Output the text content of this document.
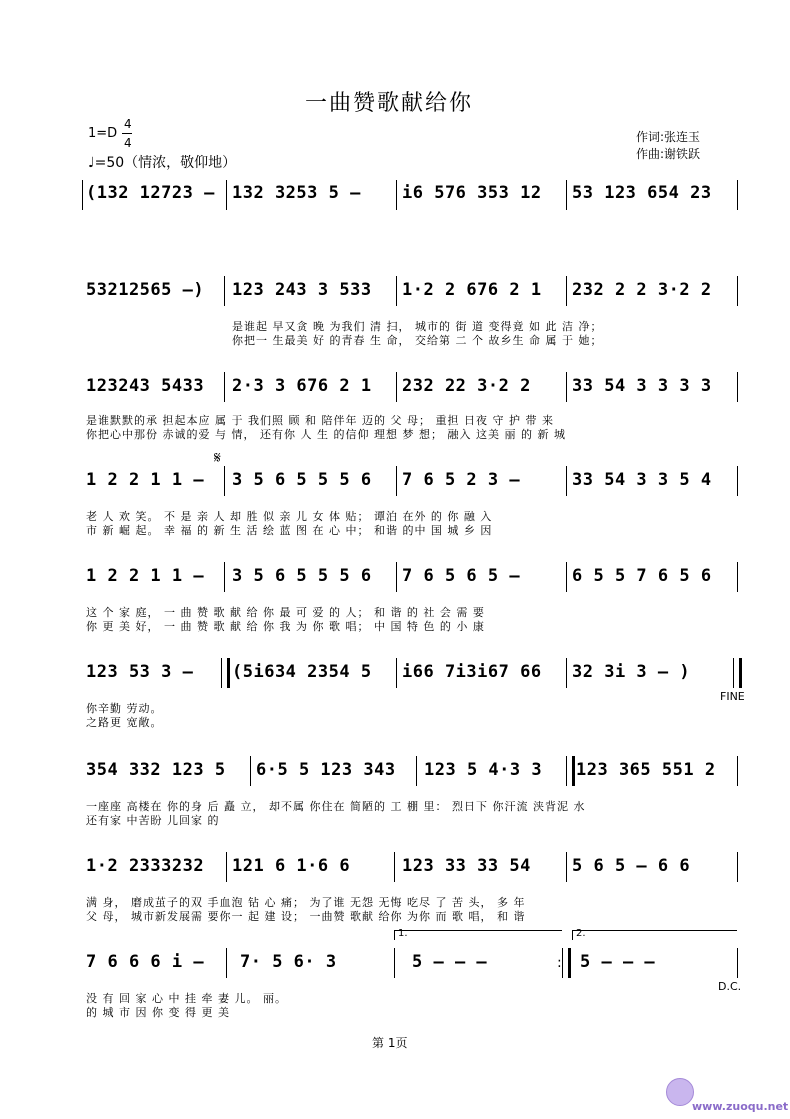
一曲赞歌献给你
1=D
4
4
♩=50（情浓，敬仰地）
作词:张连玉
作曲:谢铁跃
(132 12723 – 132 3253 5 – i6 576 353 12 53 123 654 23
53212565 –) 123 243 3 533 1·2 2 676 2 1 232 2 2 3·2 2
是谁起 早又贪 晚 为我们 清 扫， 城市的 街 道 变得竟 如 此 洁 净；
你把一 生最美 好 的青春 生 命， 交给第 二 个 故乡生 命 属 于 她；
123243 5433 2·3 3 676 2 1 232 22 3·2 2 33 54 3 3 3 3
是谁默默的承 担起本应 属 于 我们照 顾 和 陪伴年 迈的 父 母； 重担 日夜 守 护 带 来
你把心中那份 赤诚的爱 与 情， 还有你 人 生 的信仰 理想 梦 想； 融入 这美 丽 的 新 城
1 2 2 1 1 –
𝄋
3 5 6 5 5 5 6 7 6 5 2 3 –	33 54 3 3 5 4
老 人 欢 笑。 不 是 亲 人 却 胜 似 亲 儿 女 体 贴； 谭泊 在外 的 你 融 入
市 新 崛 起。 幸 福 的 新 生 活 绘 蓝 图 在 心 中； 和谐 的中 国 城 乡 因
1 2 2 1 1 – 3 5 6 5 5 5 6 7 6 5 6 5 –	6 5 5 7 6 5 6
这 个 家 庭， 一 曲 赞 歌 献 给 你 最 可 爱 的 人； 和 谐 的 社 会 需 要
你 更 美 好， 一 曲 赞 歌 献 给 你 我 为 你 歌 唱； 中 国 特 色 的 小 康
123 53 3 – (5i634 2354 5 i66 7i3i67 66 32 3i 3 – )
FINE
你辛勤 劳动。
之路更 宽敞。
354 332 123 5 6·5 5 123 343 123 5 4·3 3 123 365 551 2
一座座 高楼在 你的身 后 矗 立， 却不属 你住在 简陋的 工 棚 里： 烈日下 你汗流 浃背泥 水
还有家 中苦盼 儿回家 的
1·2 2333232 121 6 1·6 6	123 33 33 54 5 6 5 – 6 6
满 身， 磨成茧子的双 手血泡 钻 心 痛； 为了谁 无怨 无悔 吃尽 了 苦 头， 多 年
父 母， 城市新发展需 要你一 起 建 设； 一曲赞 歌献 给你 为你 而 歌 唱， 和 谐
7 6 6 6 i – 7· 5 6· 3
1.
5 – – –	:
2.
5 – – –
D.C.
没 有 回 家 心 中 挂 牵 妻 儿。 丽。
的 城 市 因 你 变 得 更 美
第 1页
www.zuoqu.net
